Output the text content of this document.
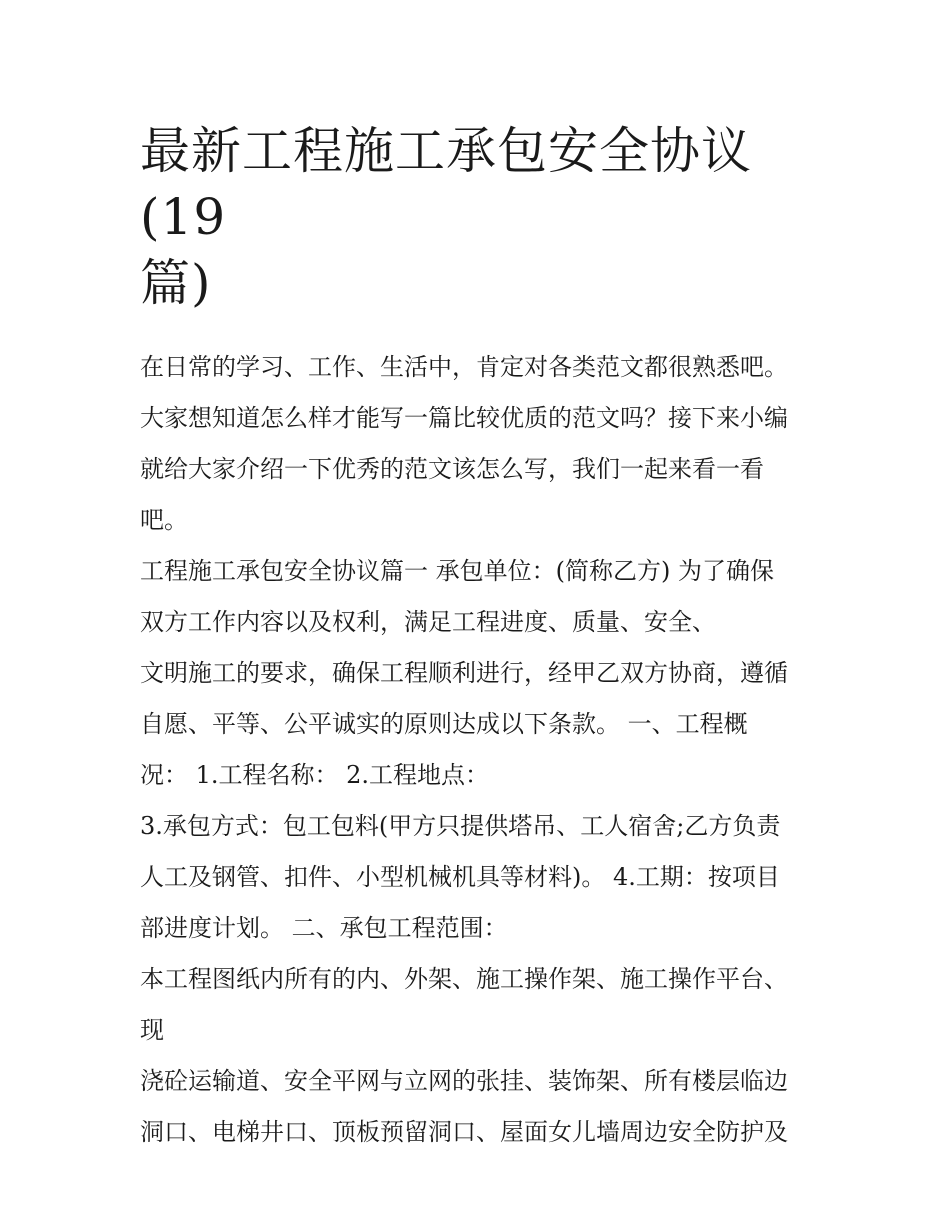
最新工程施工承包安全协议(19
篇)

在日常的学习、工作、生活中，肯定对各类范文都很熟悉吧。

大家想知道怎么样才能写一篇比较优质的范文吗？接下来小编

就给大家介绍一下优秀的范文该怎么写，我们一起来看一看

吧。

工程施工承包安全协议篇一 承包单位：(简称乙方) 为了确保

双方工作内容以及权利，满足工程进度、质量、安全、

文明施工的要求，确保工程顺利进行，经甲乙双方协商，遵循

自愿、平等、公平诚实的原则达成以下条款。 一、工程概

况： 1.工程名称： 2.工程地点：

3.承包方式：包工包料(甲方只提供塔吊、工人宿舍;乙方负责

人工及钢管、扣件、小型机械机具等材料)。 4.工期：按项目

部进度计划。 二、承包工程范围：

本工程图纸内所有的内、外架、施工操作架、施工操作平台、

现

浇砼运输道、安全平网与立网的张挂、装饰架、所有楼层临边

洞口、电梯井口、顶板预留洞口、屋面女儿墙周边安全防护及
